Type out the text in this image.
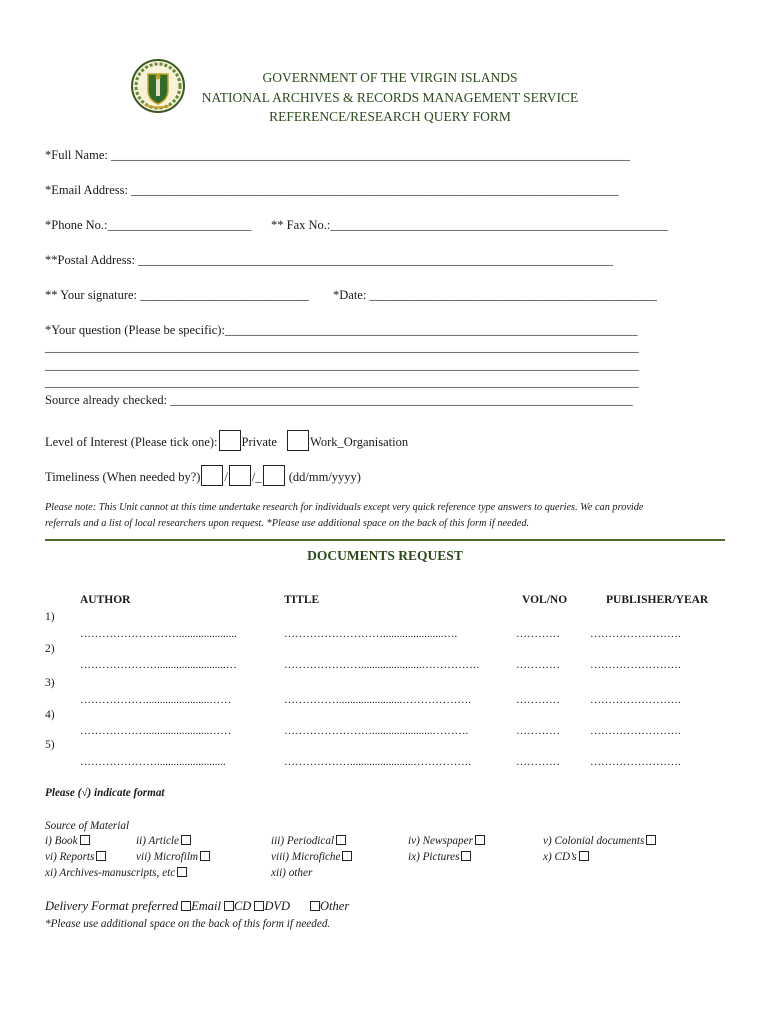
GOVERNMENT OF THE VIRGIN ISLANDS
NATIONAL ARCHIVES & RECORDS MANAGEMENT SERVICE
REFERENCE/RESEARCH QUERY FORM
*Full Name: ___________________________________________________________________________________
*Email Address: ______________________________________________________________________________
*Phone No.:_______________________ ** Fax No.:______________________________________________________
**Postal Address: ____________________________________________________________________________
** Your signature: ___________________________ *Date: ______________________________________________
*Your question (Please be specific):__________________________________________________________________
_______________________________________________________________________________________________
_______________________________________________________________________________________________
_______________________________________________________________________________________________
Source already checked: __________________________________________________________________________
Level of Interest (Please tick one): Private	Work_Organisation
Timeliness (When needed by?) / /_ (dd/mm/yyyy)
Please note: This Unit cannot at this time undertake research for individuals except very quick reference type answers to queries. We can provide
referrals and a list of local researchers upon request. *Please use additional space on the back of this form if needed.
DOCUMENTS REQUEST
AUTHOR	TITLE	VOL/NO	PUBLISHER/YEAR
1)
……………………….....................	………………………......................….	…………	…………………….
2)
………………….........................…	…………………......................…………….	…………	…………………….
3)
……………….......................……	…………….......................……………….	…………	…………………….
4)
……………….......................……	……………………......................……….	…………	…………………….
5)
………………….........................	……………….......................…………….	…………	…………………….
Please (√) indicate format
Source of Material
i) Book	ii) Article	iii) Periodical	iv) Newspaper	v) Colonial documents
vi) Reports	vii) Microfilm	viii) Microfiche	ix) Pictures	x) CD’s
xi) Archives-manuscripts, etc	xii) other
Delivery Format preferred Email CD DVD Other
*Please use additional space on the back of this form if needed.
